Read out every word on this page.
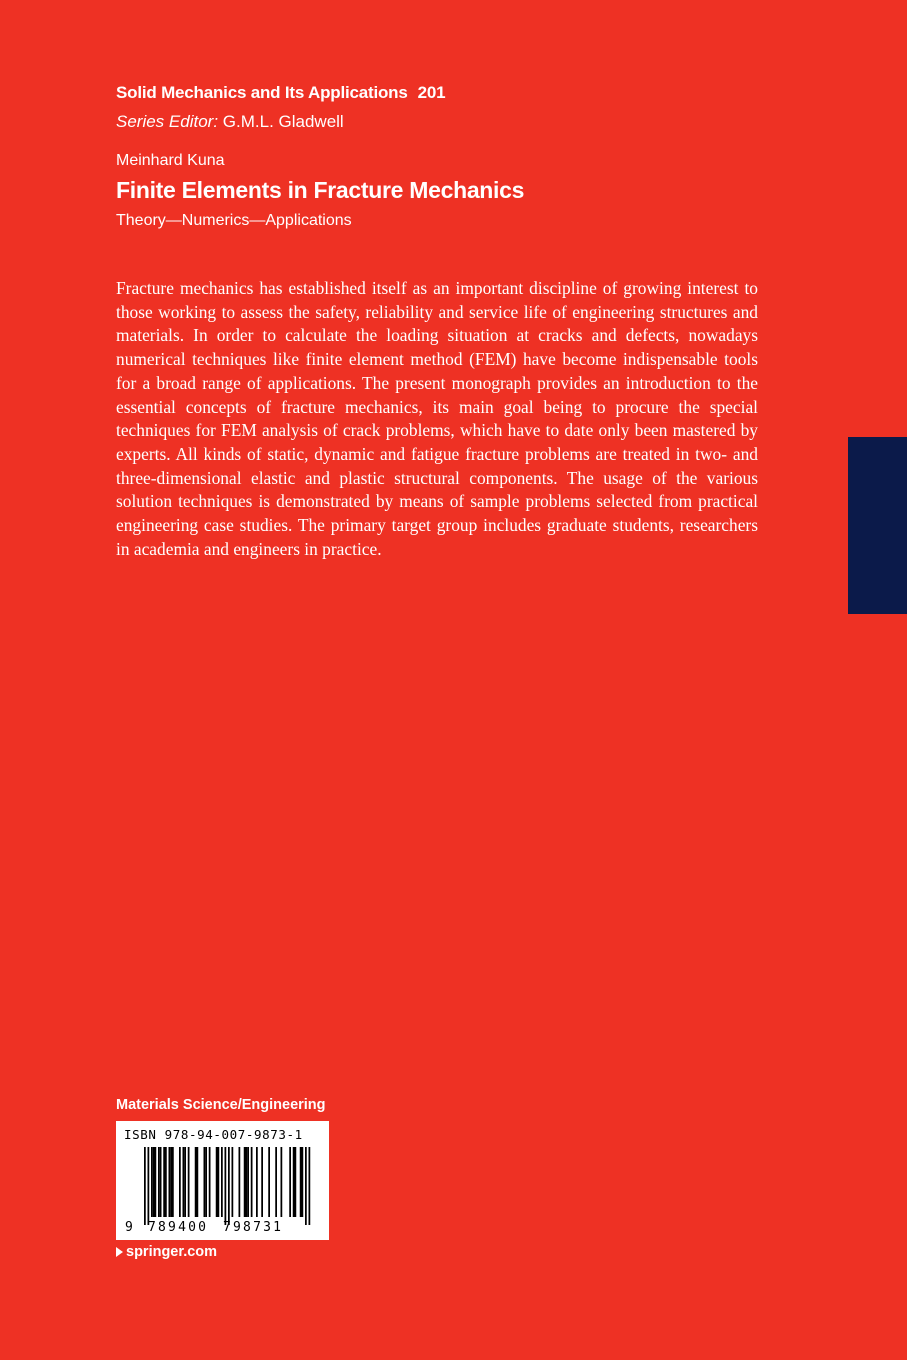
Solid Mechanics and Its Applications 201
Series Editor: G.M.L. Gladwell
Meinhard Kuna
Finite Elements in Fracture Mechanics
Theory—Numerics—Applications

Fracture mechanics has established itself as an important discipline of growing interest to those working to assess the safety, reliability and service life of engineering structures and materials. In order to calculate the loading situation at cracks and defects, nowadays numerical techniques like finite element method (FEM) have become indispensable tools for a broad range of applications. The present monograph provides an introduction to the essential concepts of fracture mechanics, its main goal being to procure the special techniques for FEM analysis of crack problems, which have to date only been mastered by experts. All kinds of static, dynamic and fatigue fracture problems are treated in two- and three-dimensional elastic and plastic structural components. The usage of the various solution techniques is demonstrated by means of sample problems selected from practical engineering case studies. The primary target group includes graduate students, researchers in academia and engineers in practice.

Materials Science/Engineering
ISBN 978-94-007-9873-1
9 789400 798731
springer.com
